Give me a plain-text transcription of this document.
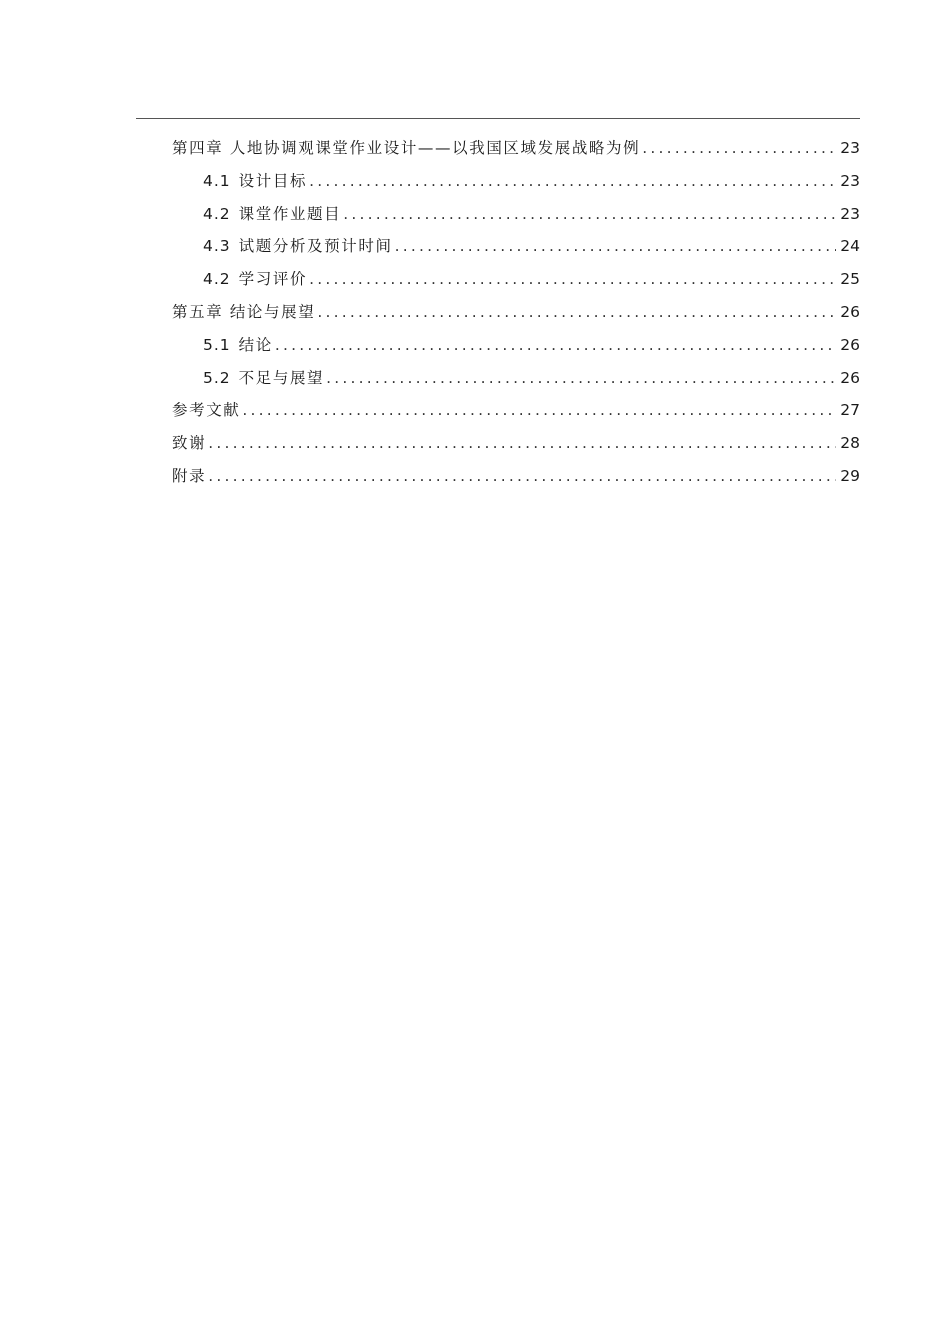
第四章 人地协调观课堂作业设计——以我国区域发展战略为例 .....	23
4.1 设计目标 .....	23
4.2 课堂作业题目 .....	23
4.3 试题分析及预计时间 .....	24
4.2 学习评价 .....	25
第五章 结论与展望 .....	26
5.1 结论 .....	26
5.2 不足与展望 .....	26
参考文献 .....	27
致谢 .....	28
附录 .....	29
